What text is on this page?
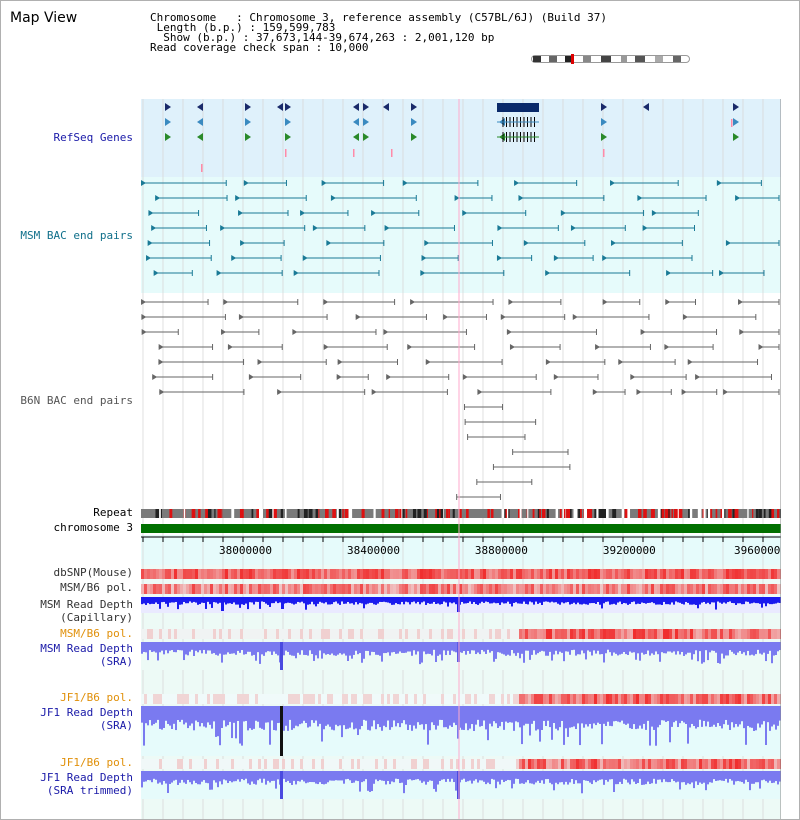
Map View	Chromosome   : Chromosome 3, reference assembly (C57BL/6J) (Build 37)
Length (b.p.) : 159,599,783
Show (b.p.) : 37,673,144-39,674,263 : 2,001,120 bp
Read coverage check span : 10,000
RefSeq Genes
MSM BAC end pairs
B6N BAC end pairs
Repeat
chromosome 3
dbSNP(Mouse)
MSM/B6 pol.
MSM Read Depth
(Capillary)
MSM/B6 pol.
MSM Read Depth
(SRA)
JF1/B6 pol.
JF1 Read Depth
(SRA)
JF1/B6 pol.
JF1 Read Depth
(SRA trimmed)
38000000	38400000	38800000	39200000	3960000
